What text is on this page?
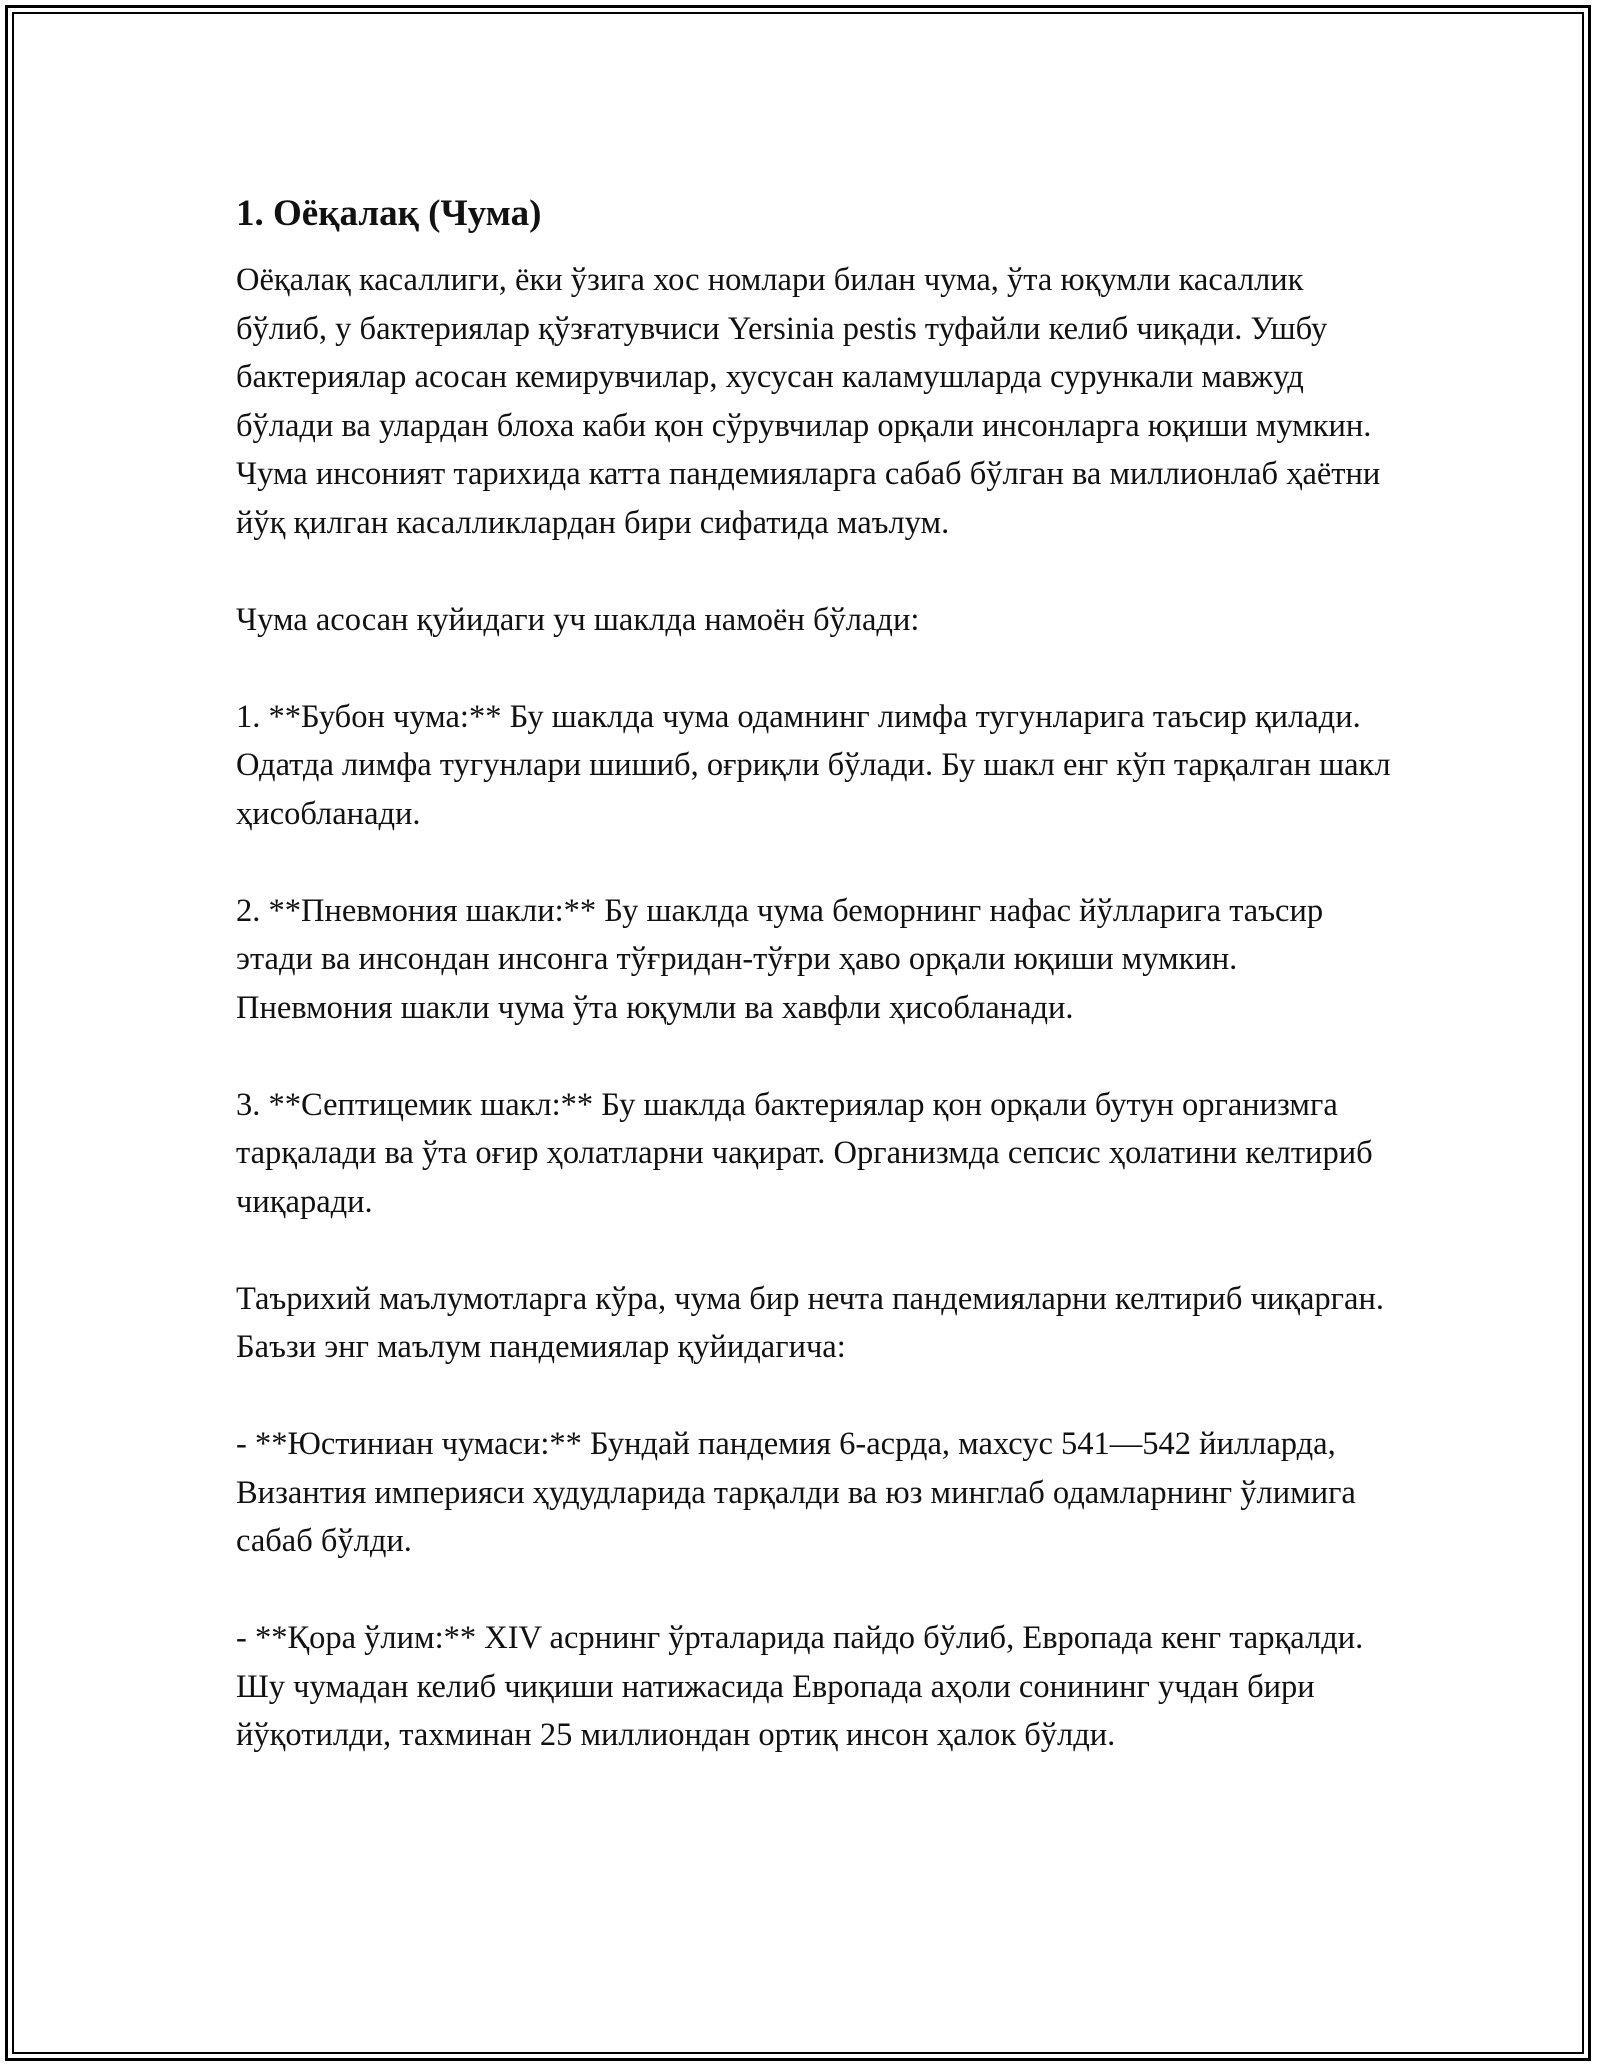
1. Оёқалақ (Чума)

Оёқалақ касаллиги, ёки ўзига хос номлари билан чума, ўта юқумли касаллик бўлиб, у бактериялар қўзғатувчиси Yersinia pestis туфайли келиб чиқади. Ушбу бактериялар асосан кемирувчилар, хусусан каламушларда сурункали мавжуд бўлади ва улардан блоха каби қон сўрувчилар орқали инсонларга юқиши мумкин. Чума инсоният тарихида катта пандемияларга сабаб бўлган ва миллионлаб ҳаётни йўқ қилган касалликлардан бири сифатида маълум.

Чума асосан қуйидаги уч шаклда намоён бўлади:

1. **Бубон чума:** Бу шаклда чума одамнинг лимфа тугунларига таъсир қилади. Одатда лимфа тугунлари шишиб, оғриқли бўлади. Бу шакл енг кўп тарқалган шакл ҳисобланади.

2. **Пневмония шакли:** Бу шаклда чума беморнинг нафас йўлларига таъсир этади ва инсондан инсонга тўғридан-тўғри ҳаво орқали юқиши мумкин. Пневмония шакли чума ўта юқумли ва хавфли ҳисобланади.

3. **Септицемик шакл:** Бу шаклда бактериялар қон орқали бутун организмга тарқалади ва ўта оғир ҳолатларни чақират. Организмда сепсис ҳолатини келтириб чиқаради.

Таърихий маълумотларга кўра, чума бир нечта пандемияларни келтириб чиқарган. Баъзи энг маълум пандемиялар қуйидагича:

- **Юстиниан чумаси:** Бундай пандемия 6-асрда, махсус 541—542 йилларда, Византия империяси ҳудудларида тарқалди ва юз минглаб одамларнинг ўлимига сабаб бўлди.

- **Қора ўлим:** XIV асрнинг ўрталарида пайдо бўлиб, Европада кенг тарқалди. Шу чумадан келиб чиқиши натижасида Европада аҳоли сонининг учдан бири йўқотилди, тахминан 25 миллиондан ортиқ инсон ҳалок бўлди.
